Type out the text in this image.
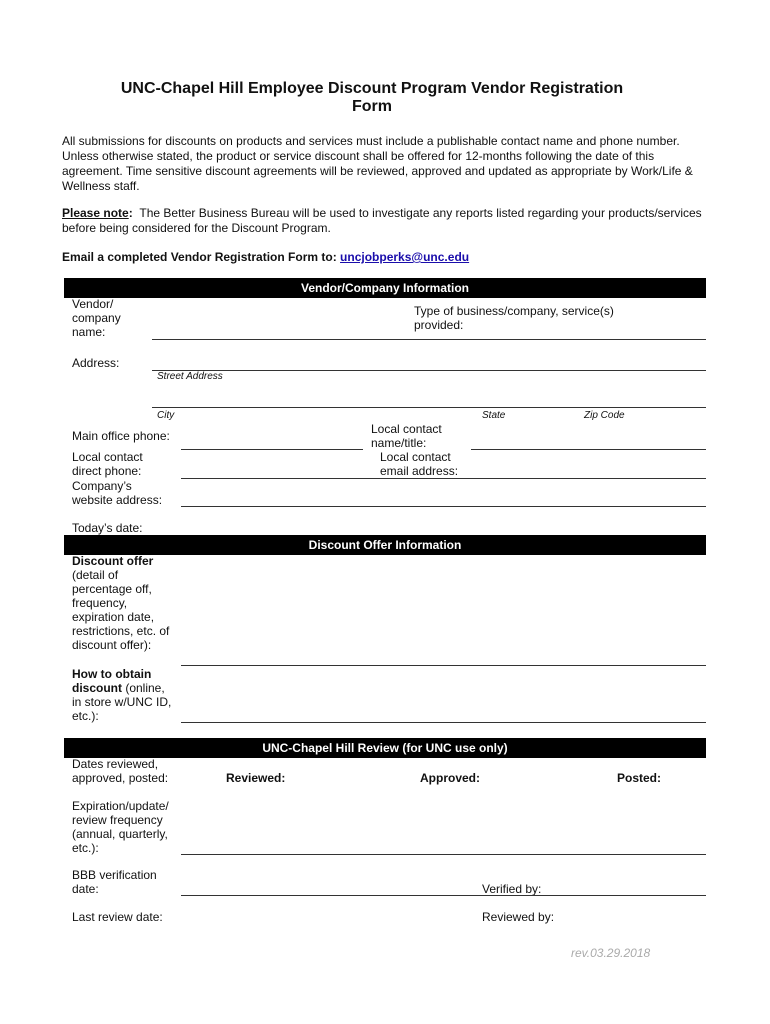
UNC-Chapel Hill Employee Discount Program Vendor Registration
Form
All submissions for discounts on products and services must include a publishable contact name and phone number. Unless otherwise stated, the product or service discount shall be offered for 12-months following the date of this agreement. Time sensitive discount agreements will be reviewed, approved and updated as appropriate by Work/Life & Wellness staff.
Please note: The Better Business Bureau will be used to investigate any reports listed regarding your products/services before being considered for the Discount Program.
Email a completed Vendor Registration Form to: uncjobperks@unc.edu
Vendor/Company Information
Vendor/ company name:
Type of business/company, service(s) provided:
Address:
Street Address
City	State	Zip Code
Main office phone:	Local contact name/title:
Local contact direct phone:
Local contact email address:
Company’s website address:
Today’s date:
Discount Offer Information
Discount offer (detail of percentage off, frequency, expiration date, restrictions, etc. of discount offer):
How to obtain discount (online, in store w/UNC ID, etc.):
UNC-Chapel Hill Review (for UNC use only)
Dates reviewed, approved, posted:	Reviewed:	Approved:	Posted:
Expiration/update/ review frequency (annual, quarterly, etc.):
BBB verification date:	Verified by:
Last review date:	Reviewed by:
rev.03.29.2018
